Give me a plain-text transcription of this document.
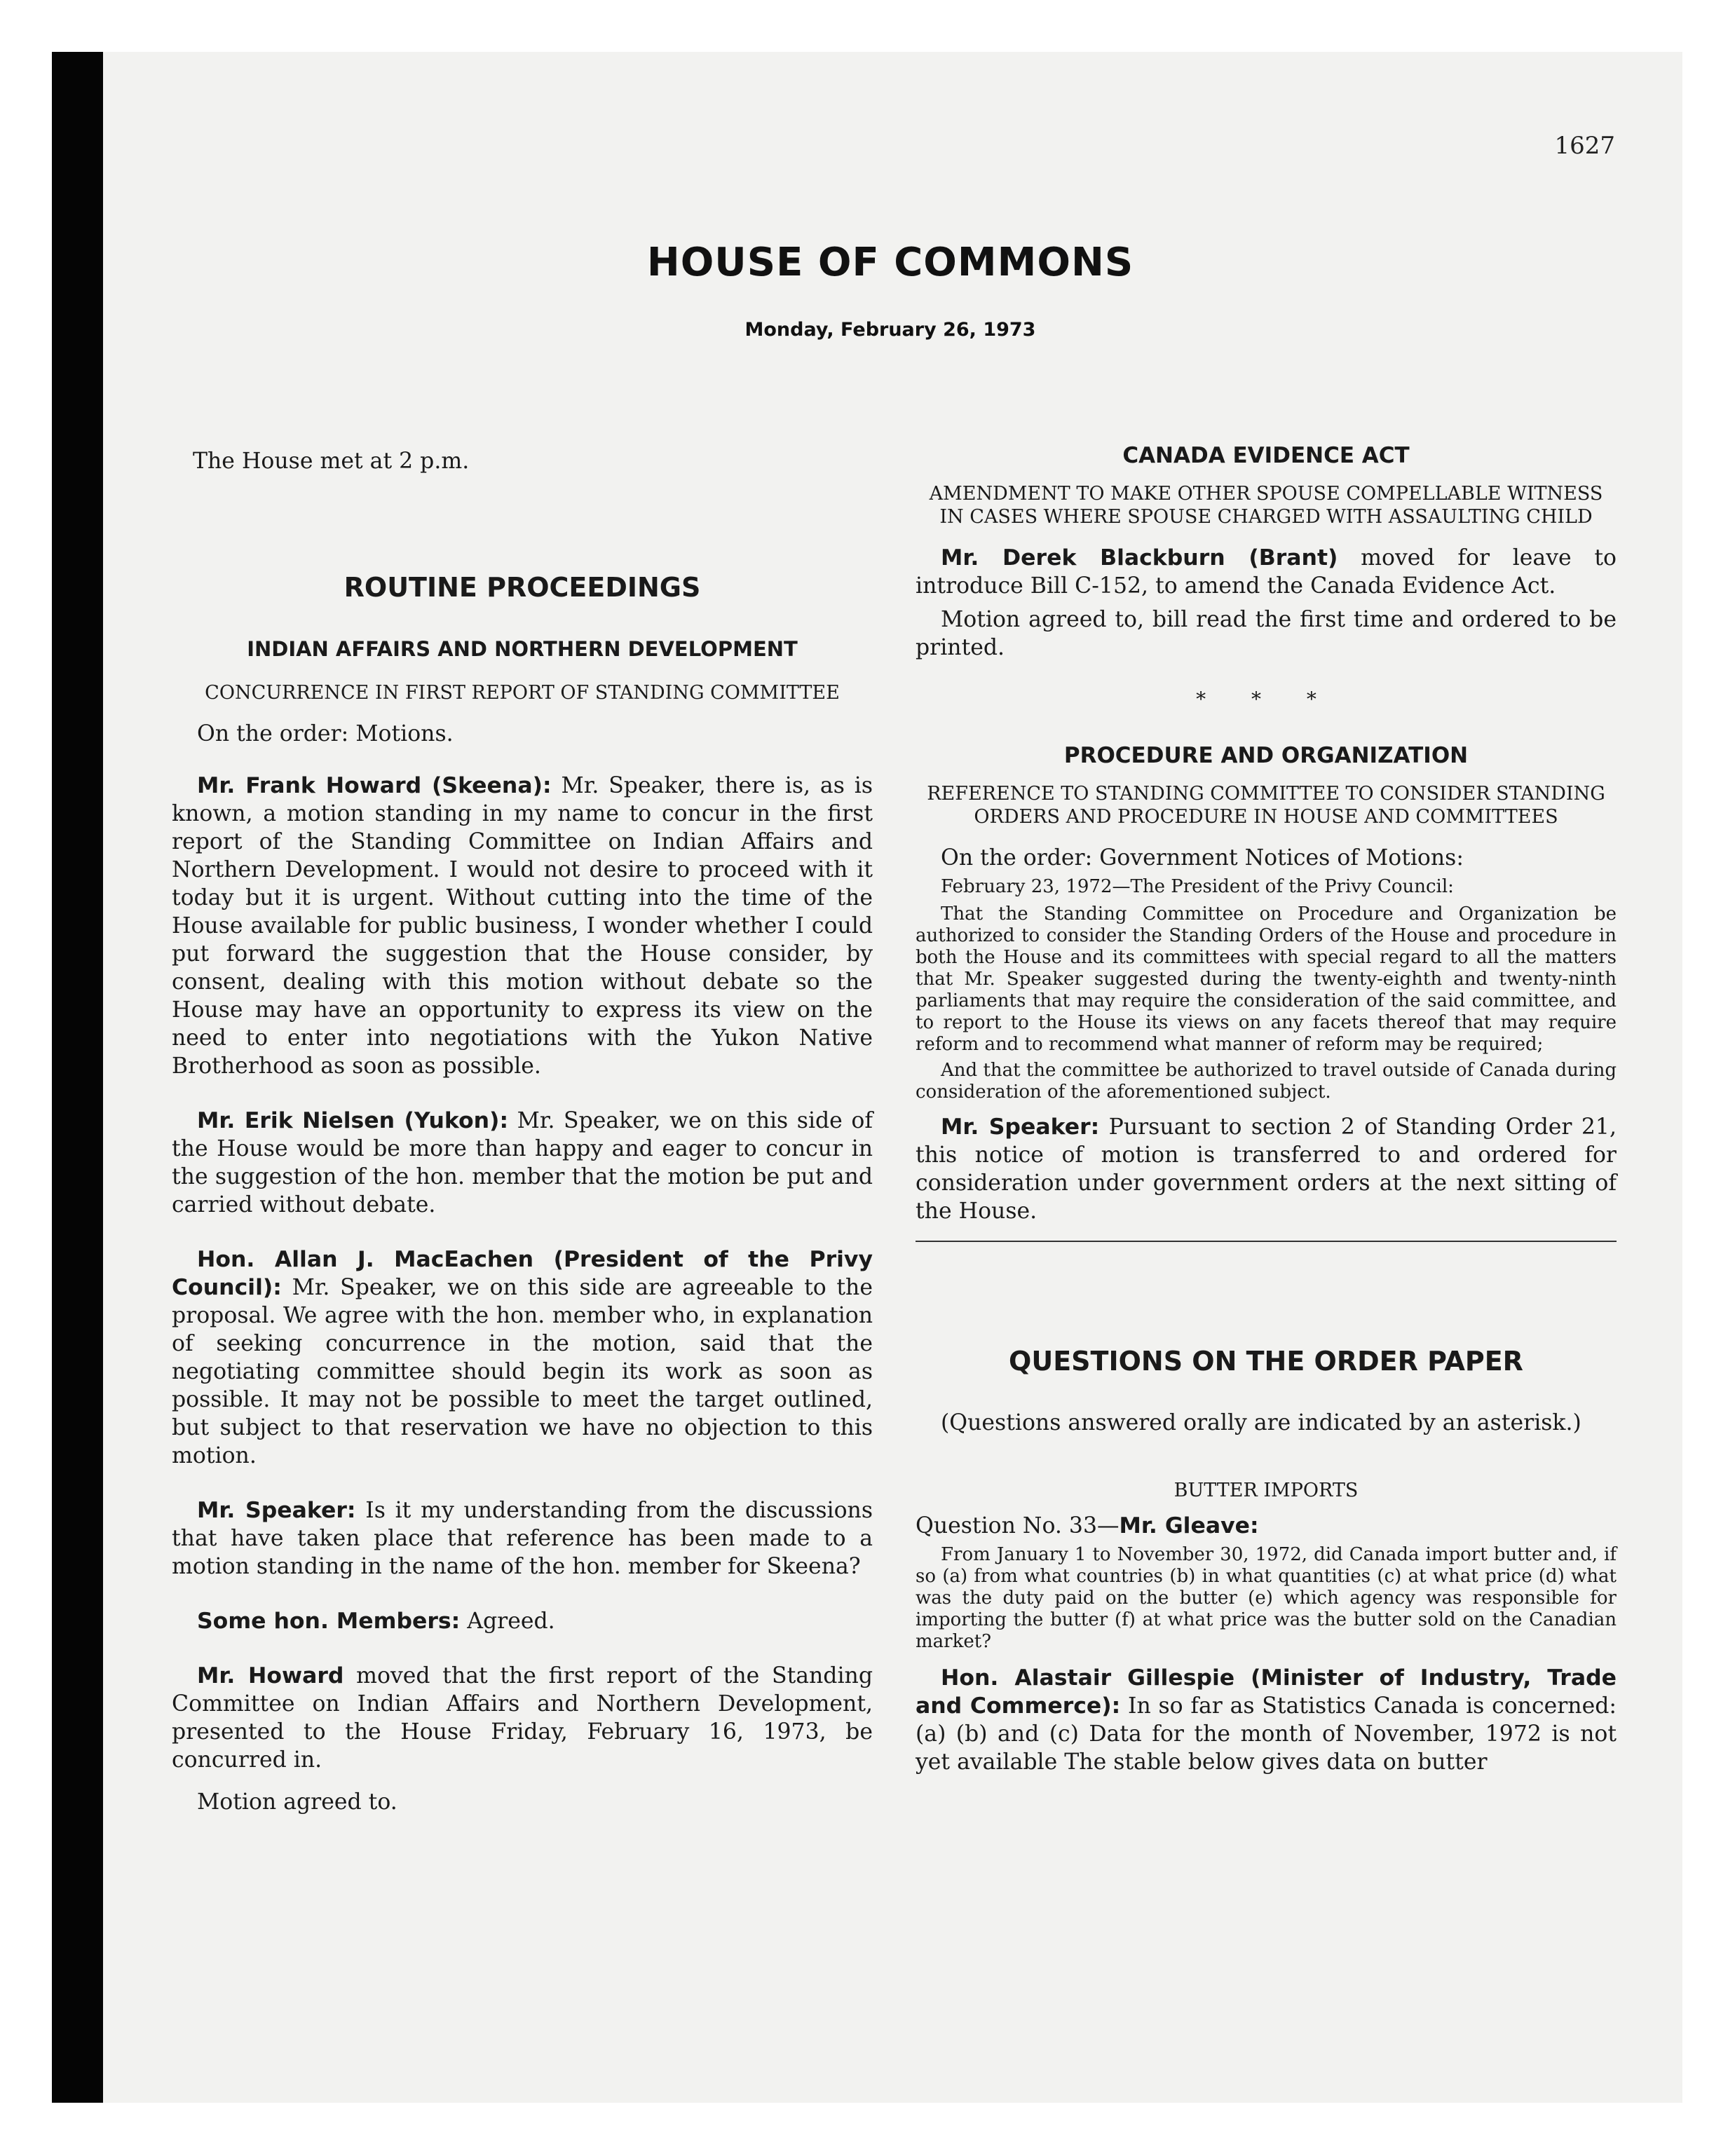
1627
HOUSE OF COMMONS
Monday, February 26, 1973

The House met at 2 p.m.

ROUTINE PROCEEDINGS
INDIAN AFFAIRS AND NORTHERN DEVELOPMENT
CONCURRENCE IN FIRST REPORT OF STANDING COMMITTEE

On the order: Motions.

Mr. Frank Howard (Skeena): Mr. Speaker, there is, as is known, a motion standing in my name to concur in the first report of the Standing Committee on Indian Affairs and Northern Development. I would not desire to proceed with it today but it is urgent. Without cutting into the time of the House available for public business, I wonder whether I could put forward the suggestion that the House consider, by consent, dealing with this motion without debate so the House may have an opportunity to express its view on the need to enter into negotiations with the Yukon Native Brotherhood as soon as possible.

Mr. Erik Nielsen (Yukon): Mr. Speaker, we on this side of the House would be more than happy and eager to concur in the suggestion of the hon. member that the motion be put and carried without debate.

Hon. Allan J. MacEachen (President of the Privy Council): Mr. Speaker, we on this side are agreeable to the proposal. We agree with the hon. member who, in explanation of seeking concurrence in the motion, said that the negotiating committee should begin its work as soon as possible. It may not be possible to meet the target outlined, but subject to that reservation we have no objection to this motion.

Mr. Speaker: Is it my understanding from the discussions that have taken place that reference has been made to a motion standing in the name of the hon. member for Skeena?

Some hon. Members: Agreed.

Mr. Howard moved that the first report of the Standing Committee on Indian Affairs and Northern Development, presented to the House Friday, February 16, 1973, be concurred in.

Motion agreed to.

CANADA EVIDENCE ACT
AMENDMENT TO MAKE OTHER SPOUSE COMPELLABLE WITNESS IN CASES WHERE SPOUSE CHARGED WITH ASSAULTING CHILD

Mr. Derek Blackburn (Brant) moved for leave to introduce Bill C-152, to amend the Canada Evidence Act.

Motion agreed to, bill read the first time and ordered to be printed.

* * *
PROCEDURE AND ORGANIZATION
REFERENCE TO STANDING COMMITTEE TO CONSIDER STANDING ORDERS AND PROCEDURE IN HOUSE AND COMMITTEES

On the order: Government Notices of Motions:

February 23, 1972—The President of the Privy Council:

That the Standing Committee on Procedure and Organization be authorized to consider the Standing Orders of the House and procedure in both the House and its committees with special regard to all the matters that Mr. Speaker suggested during the twenty-eighth and twenty-ninth parliaments that may require the consideration of the said committee, and to report to the House its views on any facets thereof that may require reform and to recommend what manner of reform may be required;

And that the committee be authorized to travel outside of Canada during consideration of the aforementioned subject.

Mr. Speaker: Pursuant to section 2 of Standing Order 21, this notice of motion is transferred to and ordered for consideration under government orders at the next sitting of the House.

QUESTIONS ON THE ORDER PAPER

(Questions answered orally are indicated by an asterisk.)

BUTTER IMPORTS

Question No. 33—Mr. Gleave:

From January 1 to November 30, 1972, did Canada import butter and, if so (a) from what countries (b) in what quantities (c) at what price (d) what was the duty paid on the butter (e) which agency was responsible for importing the butter (f) at what price was the butter sold on the Canadian market?

Hon. Alastair Gillespie (Minister of Industry, Trade and Commerce): In so far as Statistics Canada is concerned: (a) (b) and (c) Data for the month of November, 1972 is not yet available The stable below gives data on butter
